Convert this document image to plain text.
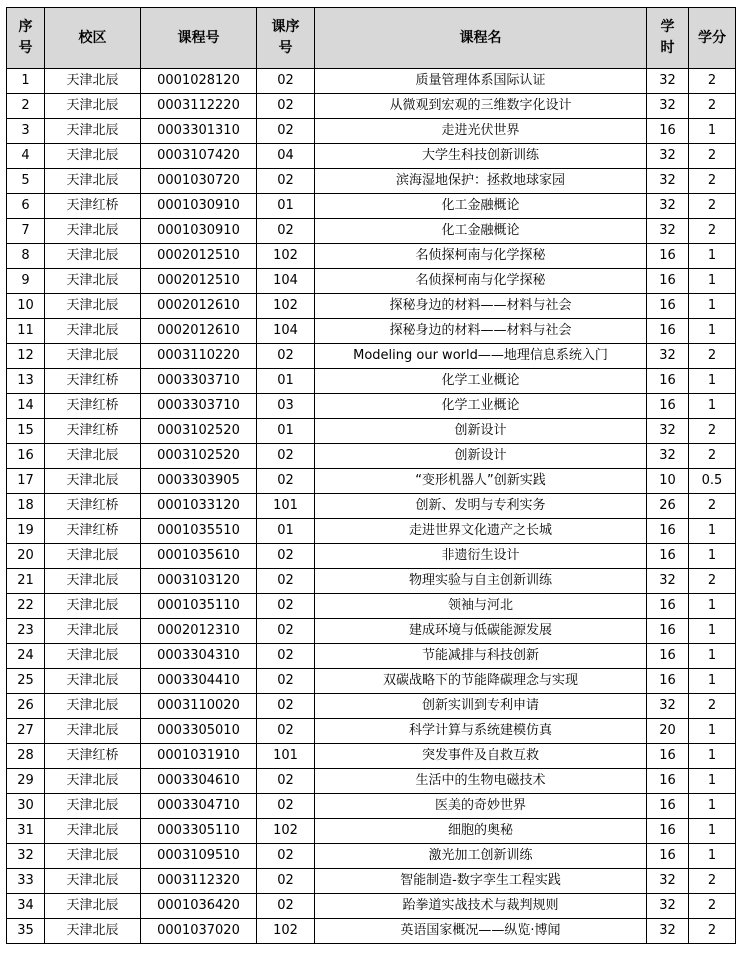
序号	校区	课程号	课序号	课程名	学时	学分
1	天津北辰	0001028120	02	质量管理体系国际认证	32	2
2	天津北辰	0003112220	02	从微观到宏观的三维数字化设计	32	2
3	天津北辰	0003301310	02	走进光伏世界	16	1
4	天津北辰	0003107420	04	大学生科技创新训练	32	2
5	天津北辰	0001030720	02	滨海湿地保护：拯救地球家园	32	2
6	天津红桥	0001030910	01	化工金融概论	32	2
7	天津北辰	0001030910	02	化工金融概论	32	2
8	天津北辰	0002012510	102	名侦探柯南与化学探秘	16	1
9	天津北辰	0002012510	104	名侦探柯南与化学探秘	16	1
10	天津北辰	0002012610	102	探秘身边的材料——材料与社会	16	1
11	天津北辰	0002012610	104	探秘身边的材料——材料与社会	16	1
12	天津北辰	0003110220	02	Modeling our world——地理信息系统入门	32	2
13	天津红桥	0003303710	01	化学工业概论	16	1
14	天津红桥	0003303710	03	化学工业概论	16	1
15	天津红桥	0003102520	01	创新设计	32	2
16	天津北辰	0003102520	02	创新设计	32	2
17	天津北辰	0003303905	02	“变形机器人”创新实践	10	0.5
18	天津红桥	0001033120	101	创新、发明与专利实务	26	2
19	天津红桥	0001035510	01	走进世界文化遗产之长城	16	1
20	天津北辰	0001035610	02	非遗衍生设计	16	1
21	天津北辰	0003103120	02	物理实验与自主创新训练	32	2
22	天津北辰	0001035110	02	领袖与河北	16	1
23	天津北辰	0002012310	02	建成环境与低碳能源发展	16	1
24	天津北辰	0003304310	02	节能减排与科技创新	16	1
25	天津北辰	0003304410	02	双碳战略下的节能降碳理念与实现	16	1
26	天津北辰	0003110020	02	创新实训到专利申请	32	2
27	天津北辰	0003305010	02	科学计算与系统建模仿真	20	1
28	天津红桥	0001031910	101	突发事件及自救互救	16	1
29	天津北辰	0003304610	02	生活中的生物电磁技术	16	1
30	天津北辰	0003304710	02	医美的奇妙世界	16	1
31	天津北辰	0003305110	102	细胞的奥秘	16	1
32	天津北辰	0003109510	02	激光加工创新训练	16	1
33	天津北辰	0003112320	02	智能制造-数字孪生工程实践	32	2
34	天津北辰	0001036420	02	跆拳道实战技术与裁判规则	32	2
35	天津北辰	0001037020	102	英语国家概况——纵览·博闻	32	2
